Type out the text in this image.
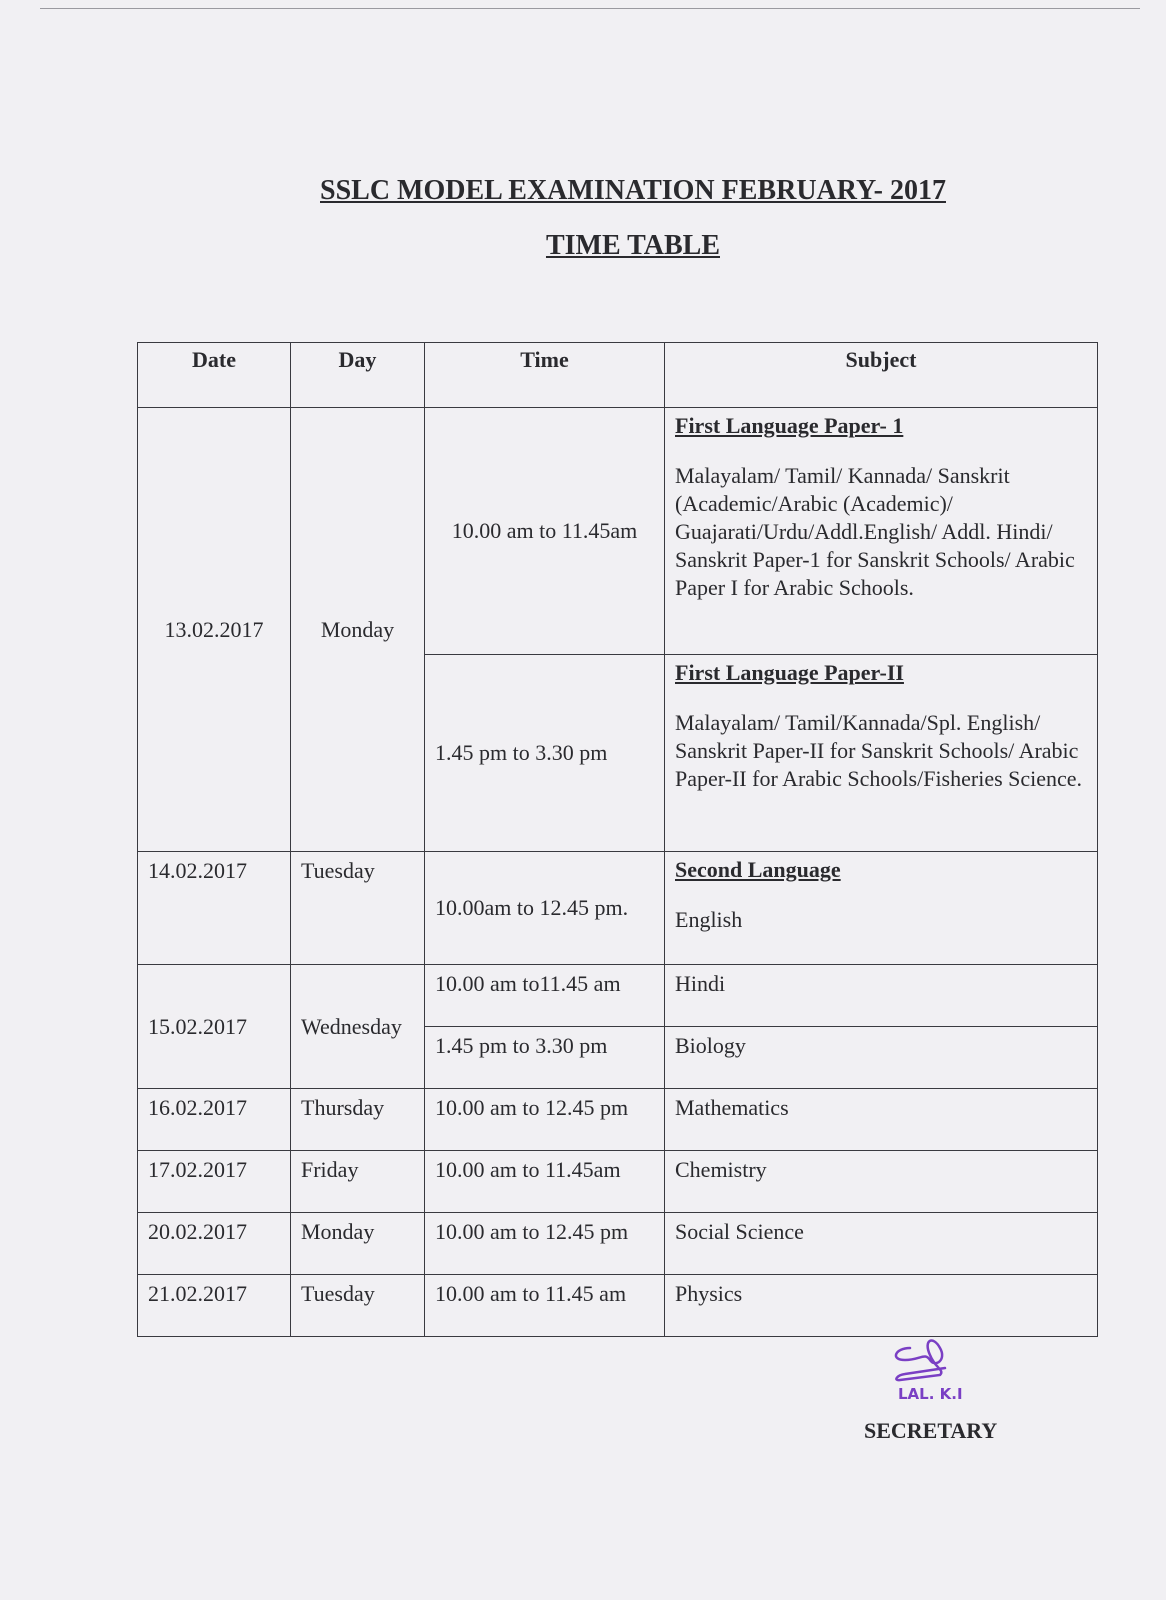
SSLC MODEL EXAMINATION FEBRUARY- 2017
TIME TABLE
Date	Day	Time	Subject
13.02.2017	Monday	10.00 am to 11.45am	First Language Paper- 1
Malayalam/ Tamil/ Kannada/ Sanskrit (Academic/Arabic (Academic)/ Guajarati/Urdu/Addl.English/ Addl. Hindi/ Sanskrit Paper-1 for Sanskrit Schools/ Arabic Paper I for Arabic Schools.
		1.45 pm to 3.30 pm	First Language Paper-II
Malayalam/ Tamil/Kannada/Spl. English/ Sanskrit Paper-II for Sanskrit Schools/ Arabic Paper-II for Arabic Schools/Fisheries Science.
14.02.2017	Tuesday	10.00am to 12.45 pm.	Second Language
English
15.02.2017	Wednesday	10.00 am to11.45 am	Hindi
		1.45 pm to 3.30 pm	Biology
16.02.2017	Thursday	10.00 am to 12.45 pm	Mathematics
17.02.2017	Friday	10.00 am to 11.45am	Chemistry
20.02.2017	Monday	10.00 am to 12.45 pm	Social Science
21.02.2017	Tuesday	10.00 am to 11.45 am	Physics
LAL. K.I
SECRETARY
